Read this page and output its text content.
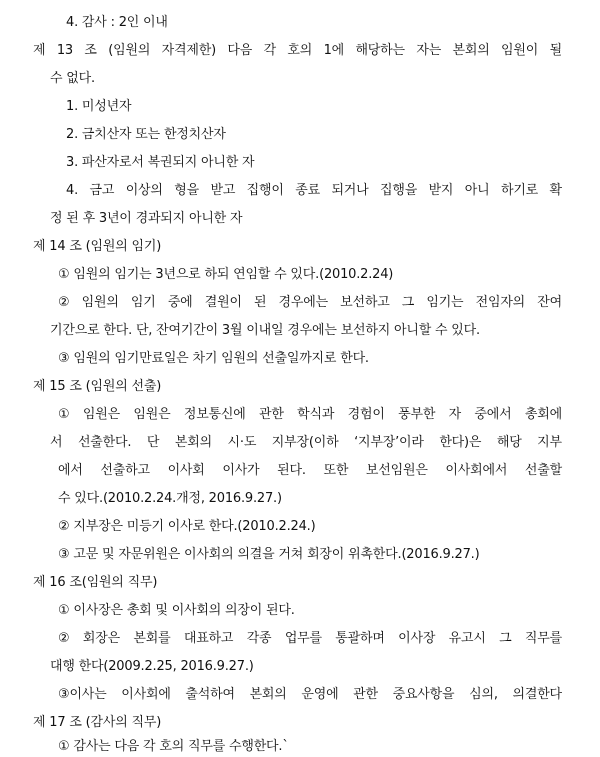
4. 감사 : 2인 이내
제 13 조 (임원의 자격제한) 다음 각 호의 1에 해당하는 자는 본회의 임원이 될
수 없다.
1. 미성년자
2. 금치산자 또는 한정치산자
3. 파산자로서 복권되지 아니한 자
4. 금고 이상의 형을 받고 집행이 종료 되거나 집행을 받지 아니 하기로 확
정 된 후 3년이 경과되지 아니한 자
제 14 조 (임원의 임기)
① 임원의 임기는 3년으로 하되 연임할 수 있다.(2010.2.24)
② 임원의 임기 중에 결원이 된 경우에는 보선하고 그 임기는 전임자의 잔여
기간으로 한다. 단, 잔여기간이 3월 이내일 경우에는 보선하지 아니할 수 있다.
③ 임원의 임기만료일은 차기 임원의 선출일까지로 한다.
제 15 조 (임원의 선출)
① 임원은 임원은 정보통신에 관한 학식과 경험이 풍부한 자 중에서 총회에
서 선출한다. 단 본회의 시·도 지부장(이하 ‘지부장’이라 한다)은 해당 지부
에서 선출하고 이사회 이사가 된다. 또한 보선임원은 이사회에서 선출할
수 있다.(2010.2.24.개정, 2016.9.27.)
② 지부장은 미등기 이사로 한다.(2010.2.24.)
③ 고문 및 자문위원은 이사회의 의결을 거쳐 회장이 위촉한다.(2016.9.27.)
제 16 조(임원의 직무)
① 이사장은 총회 및 이사회의 의장이 된다.
② 회장은 본회를 대표하고 각종 업무를 통괄하며 이사장 유고시 그 직무를
대행 한다(2009.2.25, 2016.9.27.)
③이사는 이사회에 출석하여 본회의 운영에 관한 중요사항을 심의, 의결한다
제 17 조 (감사의 직무)
① 감사는 다음 각 호의 직무를 수행한다.`
